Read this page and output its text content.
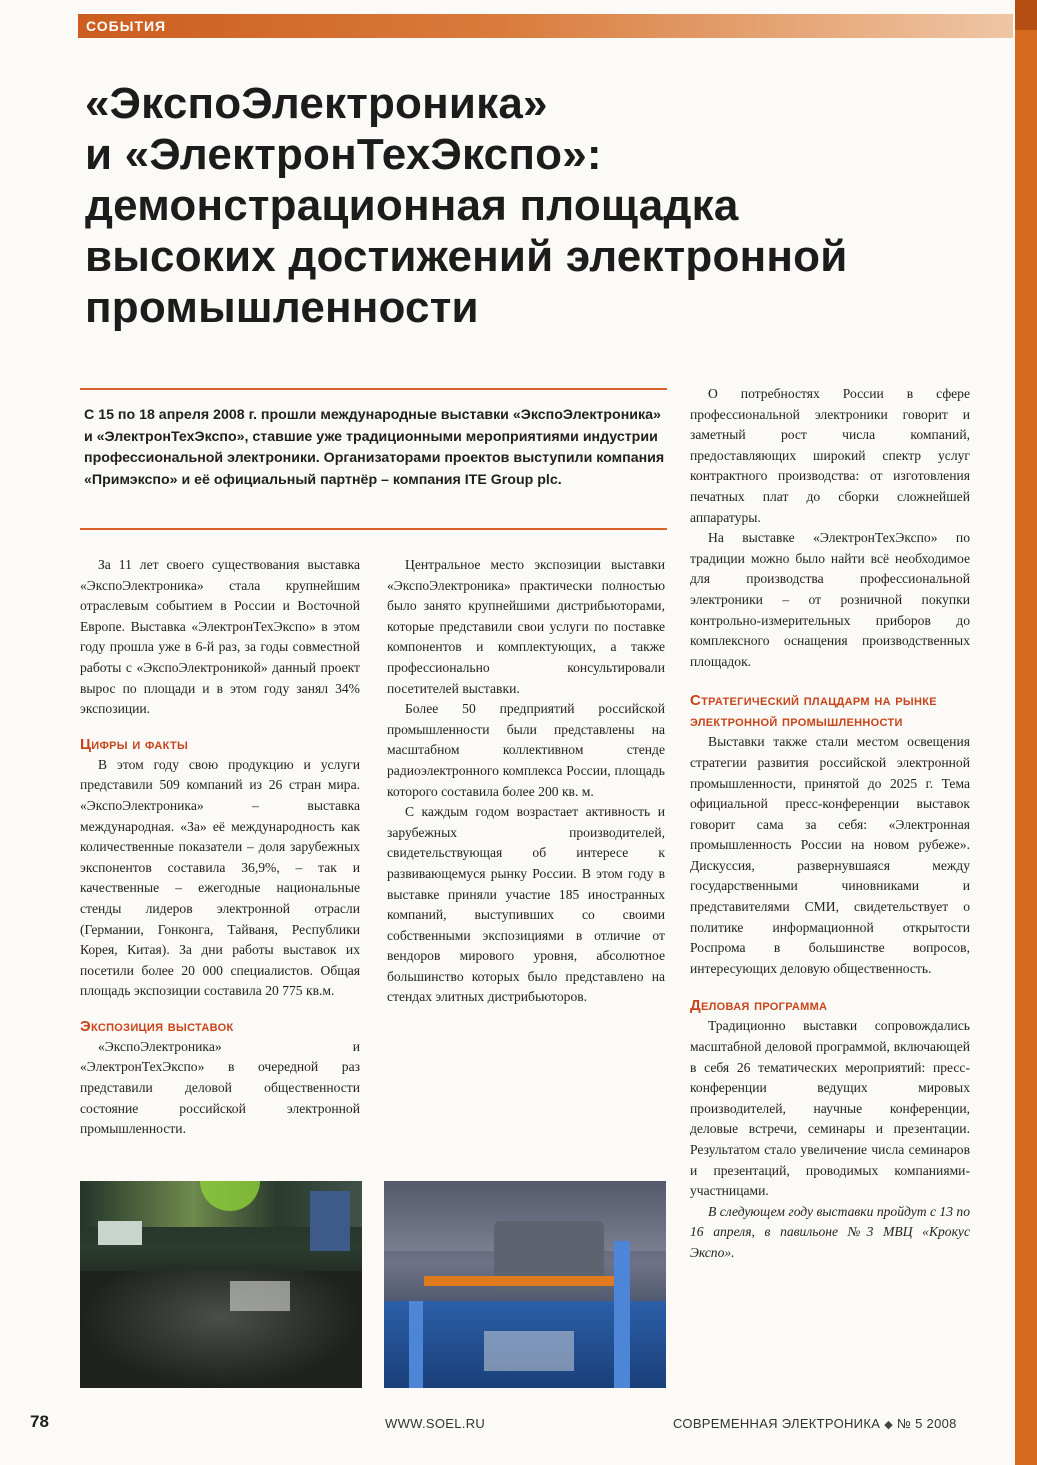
СОБЫТИЯ
«ЭкспоЭлектроника»
и «ЭлектронТехЭкспо»:
демонстрационная площадка
высоких достижений электронной
промышленности

С 15 по 18 апреля 2008 г. прошли международные выставки «ЭкспоЭлектроника» и «ЭлектронТехЭкспо», ставшие уже традиционными мероприятиями индустрии профессиональной электроники. Организаторами проектов выступили компания «Примэкспо» и её официальный партнёр – компания ITE Group plc.

За 11 лет своего существования выставка «ЭкспоЭлектроника» стала крупнейшим отраслевым событием в России и Восточной Европе. Выставка «ЭлектронТехЭкспо» в этом году прошла уже в 6-й раз, за годы совместной работы с «ЭкспоЭлектроникой» данный проект вырос по площади и в этом году занял 34% экспозиции.

Цифры и факты

В этом году свою продукцию и услуги представили 509 компаний из 26 стран мира. «ЭкспоЭлектроника» – выставка международная. «За» её международность как количественные показатели – доля зарубежных экспонентов составила 36,9%, – так и качественные – ежегодные национальные стенды лидеров электронной отрасли (Германии, Гонконга, Тайваня, Республики Корея, Китая). За дни работы выставок их посетили более 20 000 специалистов. Общая площадь экспозиции составила 20 775 кв.м.

Экспозиция выставок

«ЭкспоЭлектроника» и «ЭлектронТехЭкспо» в очередной раз представили деловой общественности состояние российской электронной промышленности.

Центральное место экспозиции выставки «ЭкспоЭлектроника» практически полностью было занято крупнейшими дистрибьюторами, которые представили свои услуги по поставке компонентов и комплектующих, а также профессионально консультировали посетителей выставки.

Более 50 предприятий российской промышленности были представлены на масштабном коллективном стенде радиоэлектронного комплекса России, площадь которого составила более 200 кв. м.

С каждым годом возрастает активность и зарубежных производителей, свидетельствующая об интересе к развивающемуся рынку России. В этом году в выставке приняли участие 185 иностранных компаний, выступивших со своими собственными экспозициями в отличие от вендоров мирового уровня, абсолютное большинство которых было представлено на стендах элитных дистрибьюторов.

О потребностях России в сфере профессиональной электроники говорит и заметный рост числа компаний, предоставляющих широкий спектр услуг контрактного производства: от изготовления печатных плат до сборки сложнейшей аппаратуры.

На выставке «ЭлектронТехЭкспо» по традиции можно было найти всё необходимое для производства профессиональной электроники – от розничной покупки контрольно-измерительных приборов до комплексного оснащения производственных площадок.

Стратегический плацдарм на рынке электронной промышленности

Выставки также стали местом освещения стратегии развития российской электронной промышленности, принятой до 2025 г. Тема официальной пресс-конференции выставок говорит сама за себя: «Электронная промышленность России на новом рубеже». Дискуссия, развернувшаяся между государственными чиновниками и представителями СМИ, свидетельствует о политике информационной открытости Роспрома в большинстве вопросов, интересующих деловую общественность.

Деловая программа

Традиционно выставки сопровождались масштабной деловой программой, включающей в себя 26 тематических мероприятий: пресс-конференции ведущих мировых производителей, научные конференции, деловые встречи, семинары и презентации. Результатом стало увеличение числа семинаров и презентаций, проводимых компаниями-участницами.

В следующем году выставки пройдут с 13 по 16 апреля, в павильоне №3 МВЦ «Крокус Экспо».

78	WWW.SOEL.RU	СОВРЕМЕННАЯ ЭЛЕКТРОНИКА ◆ № 5 2008
